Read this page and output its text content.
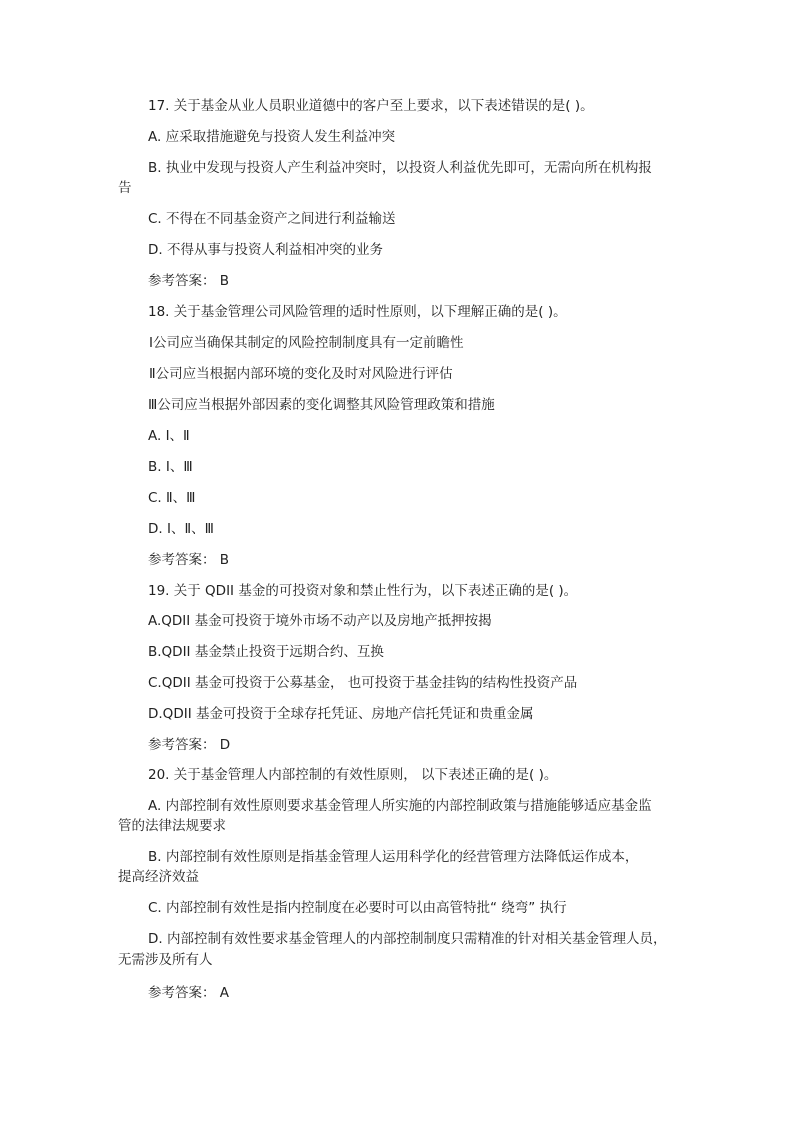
17. 关于基金从业人员职业道德中的客户至上要求，以下表述错误的是( )。
A. 应采取措施避免与投资人发生利益冲突
B. 执业中发现与投资人产生利益冲突时，以投资人利益优先即可，无需向所在机构报
告
C. 不得在不同基金资产之间进行利益输送
D. 不得从事与投资人利益相冲突的业务
参考答案： B
18. 关于基金管理公司风险管理的适时性原则，以下理解正确的是( )。
Ⅰ公司应当确保其制定的风险控制制度具有一定前瞻性
Ⅱ公司应当根据内部环境的变化及时对风险进行评估
Ⅲ公司应当根据外部因素的变化调整其风险管理政策和措施
A. Ⅰ、Ⅱ
B. Ⅰ、Ⅲ
C. Ⅱ、Ⅲ
D. Ⅰ、Ⅱ、Ⅲ
参考答案： B
19. 关于 QDII 基金的可投资对象和禁止性行为，以下表述正确的是( )。
A.QDII 基金可投资于境外市场不动产以及房地产抵押按揭
B.QDII 基金禁止投资于远期合约、互换
C.QDII 基金可投资于公募基金， 也可投资于基金挂钩的结构性投资产品
D.QDII 基金可投资于全球存托凭证、房地产信托凭证和贵重金属
参考答案： D
20. 关于基金管理人内部控制的有效性原则， 以下表述正确的是( )。
A. 内部控制有效性原则要求基金管理人所实施的内部控制政策与措施能够适应基金监
管的法律法规要求
B. 内部控制有效性原则是指基金管理人运用科学化的经营管理方法降低运作成本，
提高经济效益
C. 内部控制有效性是指内控制度在必要时可以由高管特批“ 绕弯” 执行
D. 内部控制有效性要求基金管理人的内部控制制度只需精准的针对相关基金管理人员，
无需涉及所有人
参考答案： A
